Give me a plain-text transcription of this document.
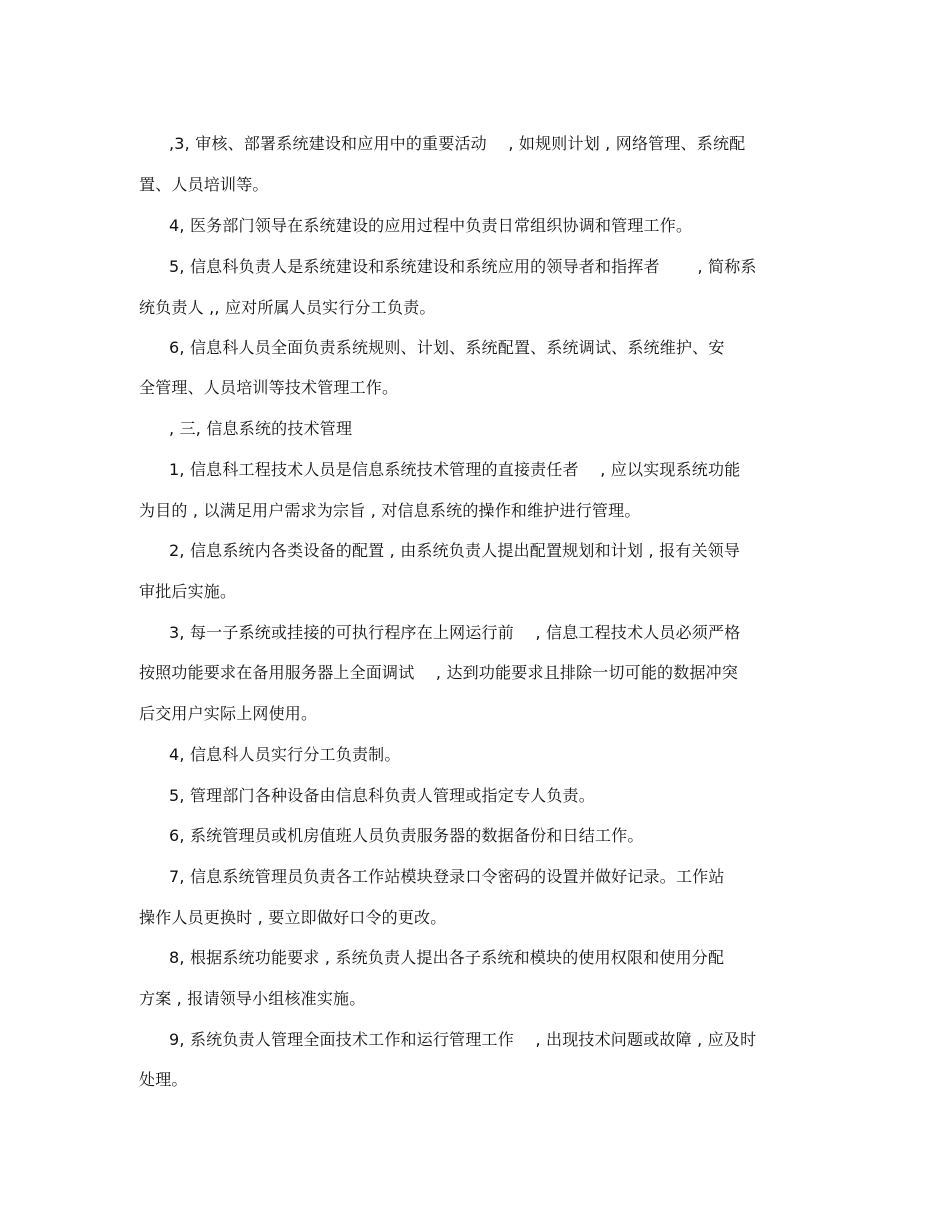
,3, 审核、部署系统建设和应用中的重要活动　 , 如规则计划 , 网络管理、系统配
置、人员培训等。
4, 医务部门领导在系统建设的应用过程中负责日常组织协调和管理工作。
5, 信息科负责人是系统建设和系统建设和系统应用的领导者和指挥者　　 , 简称系
统负责人 ,, 应对所属人员实行分工负责。
6, 信息科人员全面负责系统规则、计划、系统配置、系统调试、系统维护、安
全管理、人员培训等技术管理工作。
, 三, 信息系统的技术管理
1, 信息科工程技术人员是信息系统技术管理的直接责任者　 , 应以实现系统功能
为目的 , 以满足用户需求为宗旨 , 对信息系统的操作和维护进行管理。
2, 信息系统内各类设备的配置 , 由系统负责人提出配置规划和计划 , 报有关领导
审批后实施。
3, 每一子系统或挂接的可执行程序在上网运行前　 , 信息工程技术人员必须严格
按照功能要求在备用服务器上全面调试　 , 达到功能要求且排除一切可能的数据冲突
后交用户实际上网使用。
4, 信息科人员实行分工负责制。
5, 管理部门各种设备由信息科负责人管理或指定专人负责。
6, 系统管理员或机房值班人员负责服务器的数据备份和日结工作。
7, 信息系统管理员负责各工作站模块登录口令密码的设置并做好记录。工作站
操作人员更换时 , 要立即做好口令的更改。
8, 根据系统功能要求 , 系统负责人提出各子系统和模块的使用权限和使用分配
方案 , 报请领导小组核准实施。
9, 系统负责人管理全面技术工作和运行管理工作　 , 出现技术问题或故障 , 应及时
处理。
